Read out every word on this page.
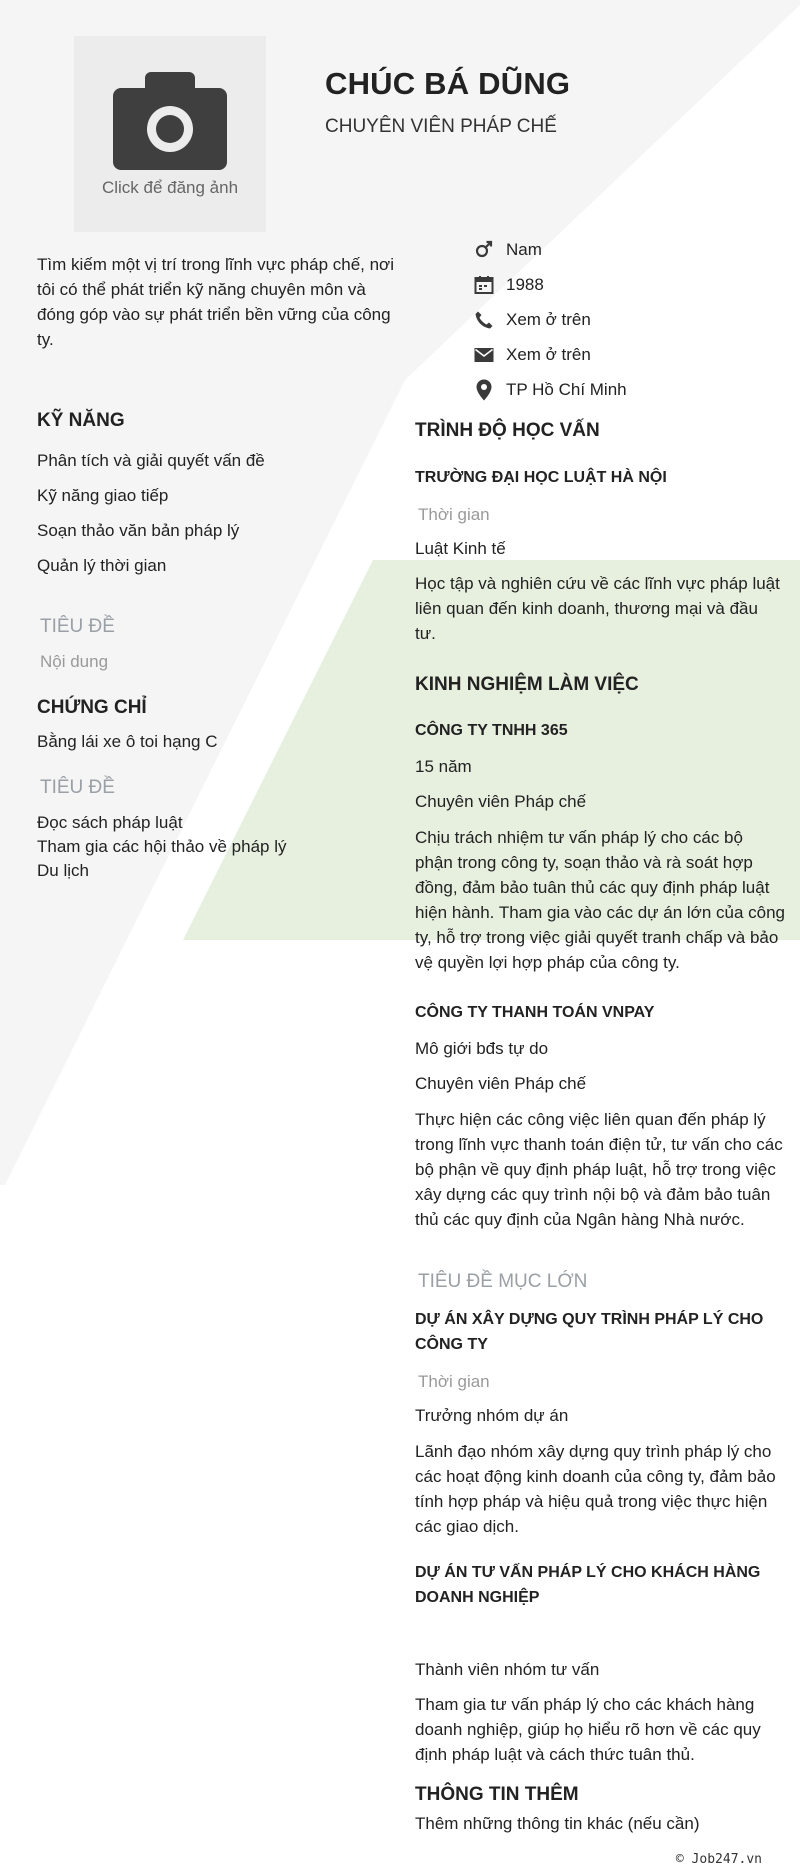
Click để đăng ảnh
CHÚC BÁ DŨNG
CHUYÊN VIÊN PHÁP CHẾ
Tìm kiếm một vị trí trong lĩnh vực pháp chế, nơi tôi có thể phát triển kỹ năng chuyên môn và đóng góp vào sự phát triển bền vững của công ty.
Nam
1988
Xem ở trên
Xem ở trên
TP Hồ Chí Minh
KỸ NĂNG
Phân tích và giải quyết vấn đề
Kỹ năng giao tiếp
Soạn thảo văn bản pháp lý
Quản lý thời gian
TIÊU ĐỀ
Nội dung
CHỨNG CHỈ
Bằng lái xe ô toi hạng C
TIÊU ĐỀ
Đọc sách pháp luật
Tham gia các hội thảo về pháp lý
Du lịch
TRÌNH ĐỘ HỌC VẤN
TRƯỜNG ĐẠI HỌC LUẬT HÀ NỘI
Thời gian
Luật Kinh tế
Học tập và nghiên cứu về các lĩnh vực pháp luật liên quan đến kinh doanh, thương mại và đầu tư.
KINH NGHIỆM LÀM VIỆC
CÔNG TY TNHH 365
15 năm
Chuyên viên Pháp chế
Chịu trách nhiệm tư vấn pháp lý cho các bộ phận trong công ty, soạn thảo và rà soát hợp đồng, đảm bảo tuân thủ các quy định pháp luật hiện hành. Tham gia vào các dự án lớn của công ty, hỗ trợ trong việc giải quyết tranh chấp và bảo vệ quyền lợi hợp pháp của công ty.
CÔNG TY THANH TOÁN VNPAY
Mô giới bđs tự do
Chuyên viên Pháp chế
Thực hiện các công việc liên quan đến pháp lý trong lĩnh vực thanh toán điện tử, tư vấn cho các bộ phận về quy định pháp luật, hỗ trợ trong việc xây dựng các quy trình nội bộ và đảm bảo tuân thủ các quy định của Ngân hàng Nhà nước.
TIÊU ĐỀ MỤC LỚN
DỰ ÁN XÂY DỰNG QUY TRÌNH PHÁP LÝ CHO CÔNG TY
Thời gian
Trưởng nhóm dự án
Lãnh đạo nhóm xây dựng quy trình pháp lý cho các hoạt động kinh doanh của công ty, đảm bảo tính hợp pháp và hiệu quả trong việc thực hiện các giao dịch.
DỰ ÁN TƯ VẤN PHÁP LÝ CHO KHÁCH HÀNG DOANH NGHIỆP
Thành viên nhóm tư vấn
Tham gia tư vấn pháp lý cho các khách hàng doanh nghiệp, giúp họ hiểu rõ hơn về các quy định pháp luật và cách thức tuân thủ.
THÔNG TIN THÊM
Thêm những thông tin khác (nếu cần)
© Job247.vn
